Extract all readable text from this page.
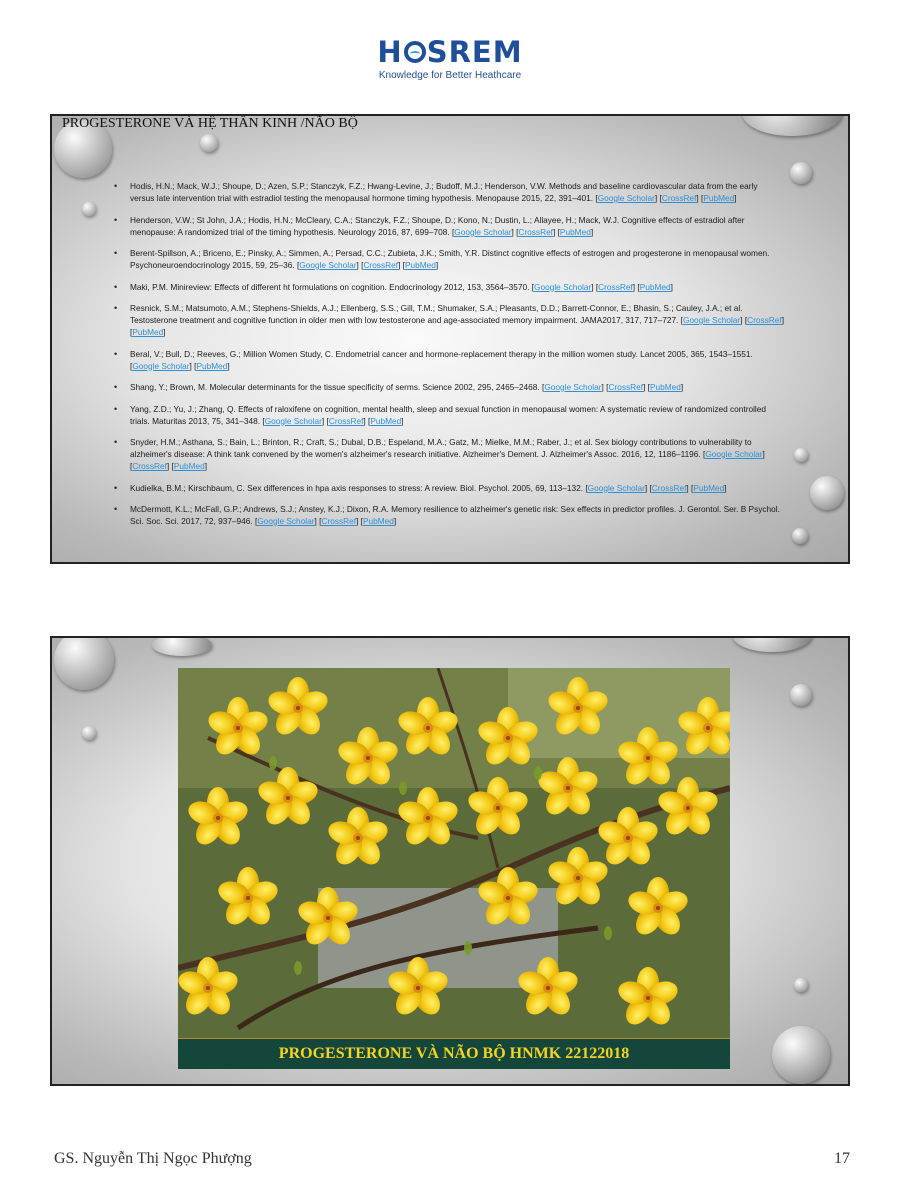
H SREM
Knowledge for Better Heathcare
PROGESTERONE VÀ HỆ THẦN KINH /NÃO BỘ
• Hodis, H.N.; Mack, W.J.; Shoupe, D.; Azen, S.P.; Stanczyk, F.Z.; Hwang-Levine, J.; Budoff, M.J.; Henderson, V.W. Methods and baseline cardiovascular data from the early versus late intervention trial with estradiol testing the menopausal hormone timing hypothesis. Menopause 2015, 22, 391–401. [Google Scholar] [CrossRef] [PubMed]
• Henderson, V.W.; St John, J.A.; Hodis, H.N.; McCleary, C.A.; Stanczyk, F.Z.; Shoupe, D.; Kono, N.; Dustin, L.; Allayee, H.; Mack, W.J. Cognitive effects of estradiol after menopause: A randomized trial of the timing hypothesis. Neurology 2016, 87, 699–708. [Google Scholar] [CrossRef] [PubMed]
• Berent-Spillson, A.; Briceno, E.; Pinsky, A.; Simmen, A.; Persad, C.C.; Zubieta, J.K.; Smith, Y.R. Distinct cognitive effects of estrogen and progesterone in menopausal women. Psychoneuroendocrinology 2015, 59, 25–36. [Google Scholar] [CrossRef] [PubMed]
• Maki, P.M. Minireview: Effects of different ht formulations on cognition. Endocrinology 2012, 153, 3564–3570. [Google Scholar] [CrossRef] [PubMed]
• Resnick, S.M.; Matsumoto, A.M.; Stephens-Shields, A.J.; Ellenberg, S.S.; Gill, T.M.; Shumaker, S.A.; Pleasants, D.D.; Barrett-Connor, E.; Bhasin, S.; Cauley, J.A.; et al. Testosterone treatment and cognitive function in older men with low testosterone and age-associated memory impairment. JAMA2017, 317, 717–727. [Google Scholar] [CrossRef] [PubMed]
• Beral, V.; Bull, D.; Reeves, G.; Million Women Study, C. Endometrial cancer and hormone-replacement therapy in the million women study. Lancet 2005, 365, 1543–1551. [Google Scholar] [PubMed]
• Shang, Y.; Brown, M. Molecular determinants for the tissue specificity of serms. Science 2002, 295, 2465–2468. [Google Scholar] [CrossRef] [PubMed]
• Yang, Z.D.; Yu, J.; Zhang, Q. Effects of raloxifene on cognition, mental health, sleep and sexual function in menopausal women: A systematic review of randomized controlled trials. Maturitas 2013, 75, 341–348. [Google Scholar] [CrossRef] [PubMed]
• Snyder, H.M.; Asthana, S.; Bain, L.; Brinton, R.; Craft, S.; Dubal, D.B.; Espeland, M.A.; Gatz, M.; Mielke, M.M.; Raber, J.; et al. Sex biology contributions to vulnerability to alzheimer's disease: A think tank convened by the women's alzheimer's research initiative. Alzheimer's Dement. J. Alzheimer's Assoc. 2016, 12, 1186–1196. [Google Scholar] [CrossRef] [PubMed]
• Kudielka, B.M.; Kirschbaum, C. Sex differences in hpa axis responses to stress: A review. Biol. Psychol. 2005, 69, 113–132. [Google Scholar] [CrossRef] [PubMed]
• McDermott, K.L.; McFall, G.P.; Andrews, S.J.; Anstey, K.J.; Dixon, R.A. Memory resilience to alzheimer's genetic risk: Sex effects in predictor profiles. J. Gerontol. Ser. B Psychol. Sci. Soc. Sci. 2017, 72, 937–946. [Google Scholar] [CrossRef] [PubMed]
PROGESTERONE VÀ NÃO BỘ HNMK 22122018
GS. Nguyễn Thị Ngọc Phượng	17
